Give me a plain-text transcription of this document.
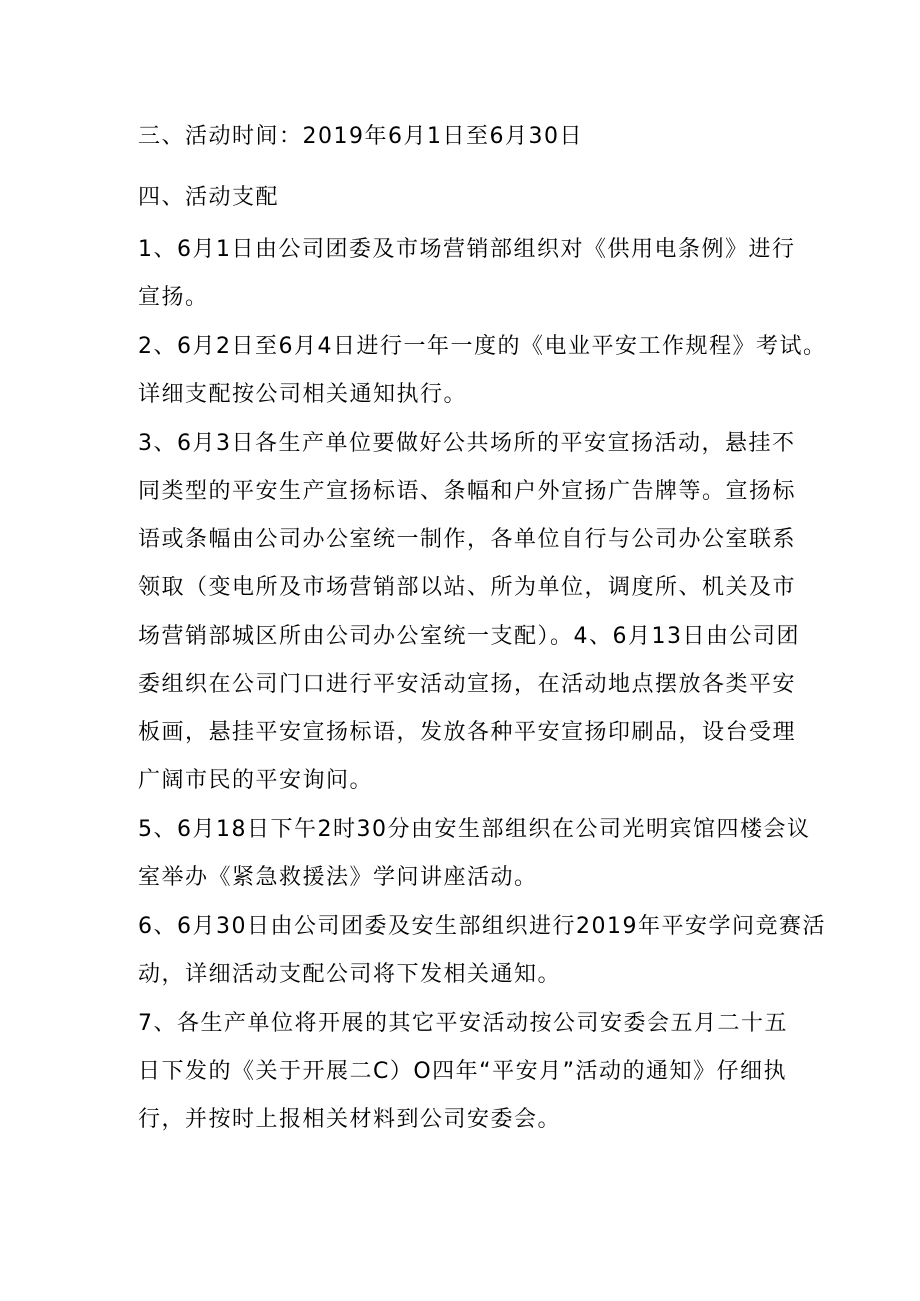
三、活动时间：2019年6月1日至6月30日
四、活动支配
1、6月1日由公司团委及市场营销部组织对《供用电条例》进行
宣扬。
2、6月2日至6月4日进行一年一度的《电业平安工作规程》考试。
详细支配按公司相关通知执行。
3、6月3日各生产单位要做好公共场所的平安宣扬活动，悬挂不
同类型的平安生产宣扬标语、条幅和户外宣扬广告牌等。宣扬标
语或条幅由公司办公室统一制作，各单位自行与公司办公室联系
领取（变电所及市场营销部以站、所为单位，调度所、机关及市
场营销部城区所由公司办公室统一支配）。4、6月13日由公司团
委组织在公司门口进行平安活动宣扬，在活动地点摆放各类平安
板画，悬挂平安宣扬标语，发放各种平安宣扬印刷品，设台受理
广阔市民的平安询问。
5、6月18日下午2时30分由安生部组织在公司光明宾馆四楼会议
室举办《紧急救援法》学问讲座活动。
6、6月30日由公司团委及安生部组织进行2019年平安学问竞赛活
动，详细活动支配公司将下发相关通知。
7、各生产单位将开展的其它平安活动按公司安委会五月二十五
日下发的《关于开展二C）O四年“平安月”活动的通知》仔细执
行，并按时上报相关材料到公司安委会。
